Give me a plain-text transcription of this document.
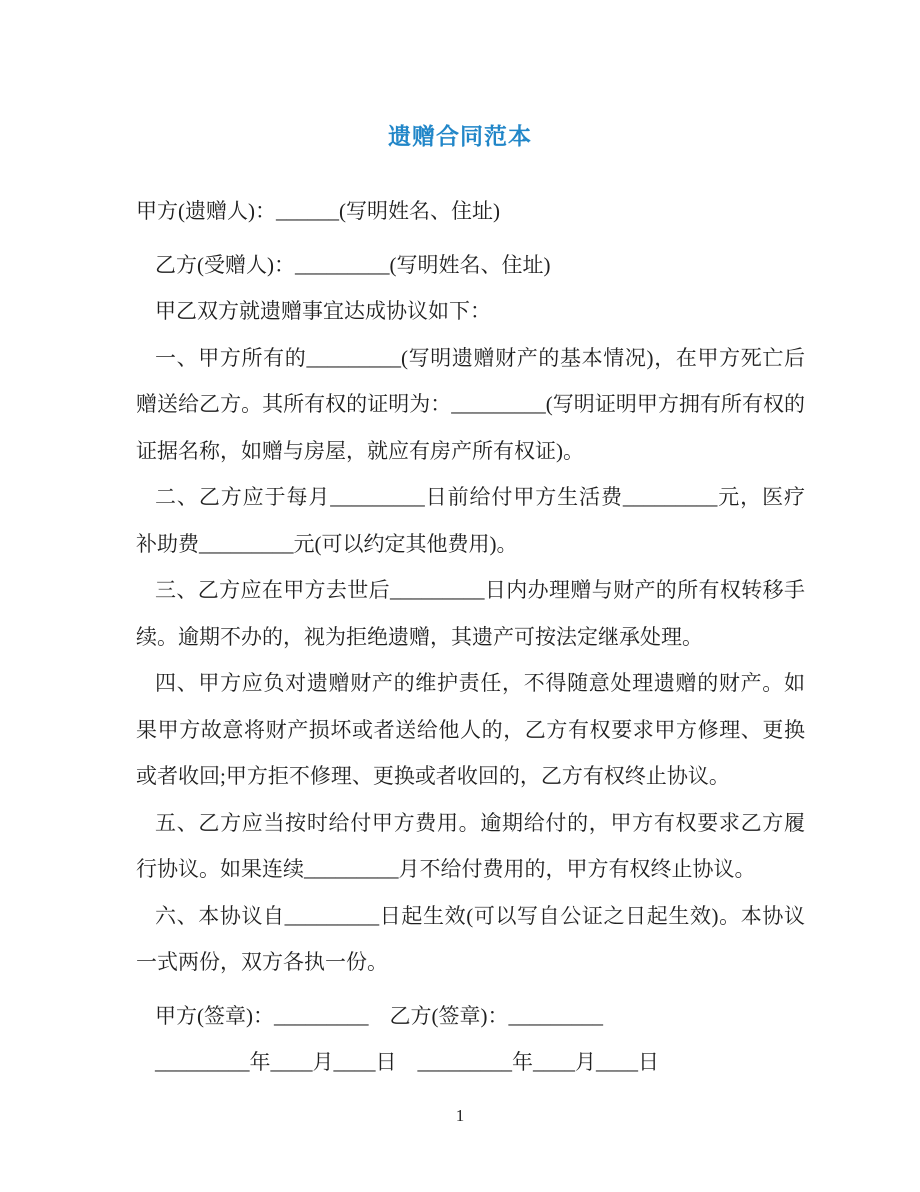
遗赠合同范本

甲方(遗赠人)：______(写明姓名、住址)

乙方(受赠人)：_________(写明姓名、住址)

甲乙双方就遗赠事宜达成协议如下：

一、甲方所有的_________(写明遗赠财产的基本情况)，在甲方死亡后赠送给乙方。其所有权的证明为：_________(写明证明甲方拥有所有权的证据名称，如赠与房屋，就应有房产所有权证)。

二、乙方应于每月_________日前给付甲方生活费_________元，医疗补助费_________元(可以约定其他费用)。

三、乙方应在甲方去世后_________日内办理赠与财产的所有权转移手续。逾期不办的，视为拒绝遗赠，其遗产可按法定继承处理。

四、甲方应负对遗赠财产的维护责任，不得随意处理遗赠的财产。如果甲方故意将财产损坏或者送给他人的，乙方有权要求甲方修理、更换或者收回;甲方拒不修理、更换或者收回的，乙方有权终止协议。

五、乙方应当按时给付甲方费用。逾期给付的，甲方有权要求乙方履行协议。如果连续_________月不给付费用的，甲方有权终止协议。

六、本协议自_________日起生效(可以写自公证之日起生效)。本协议一式两份，双方各执一份。

甲方(签章)：_________　乙方(签章)：_________

_________年____月____日　_________年____月____日

1
